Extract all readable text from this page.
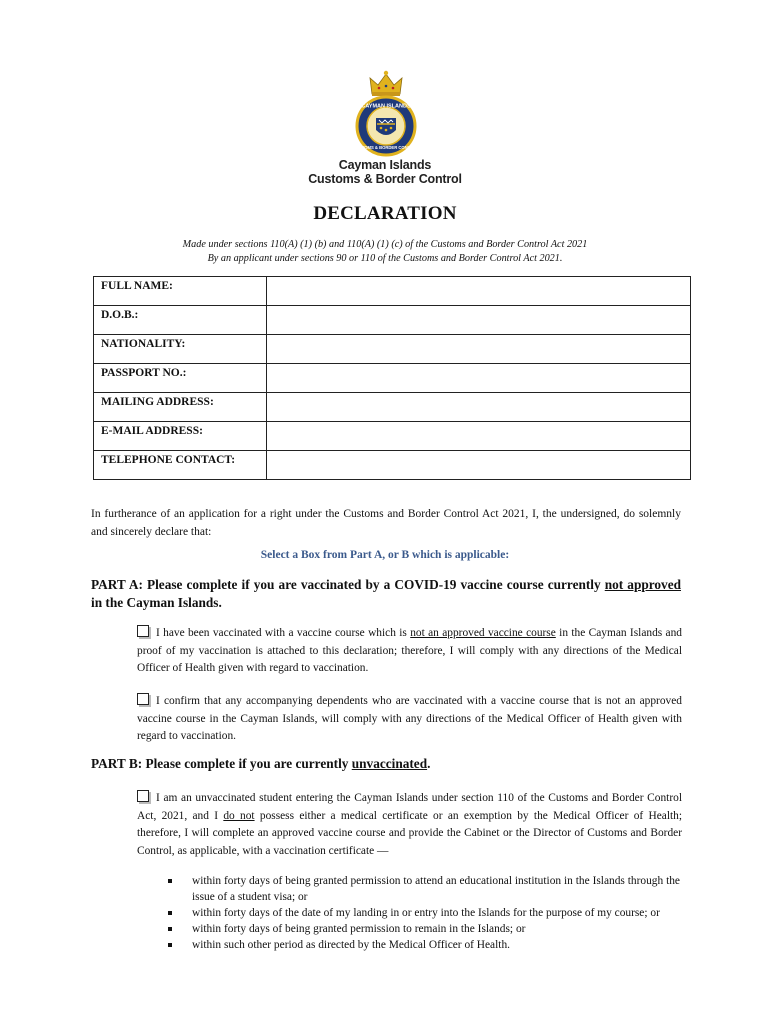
CAYMAN ISLANDS
CUSTOMS & BORDER CONTROL
Cayman Islands
Customs & Border Control
DECLARATION
Made under sections 110(A) (1) (b) and 110(A) (1) (c) of the Customs and Border Control Act 2021
By an applicant under sections 90 or 110 of the Customs and Border Control Act 2021.
FULL NAME:	
D.O.B.:	
NATIONALITY:	
PASSPORT NO.:	
MAILING ADDRESS:	
E-MAIL ADDRESS:	
TELEPHONE CONTACT:	
In furtherance of an application for a right under the Customs and Border Control Act 2021, I, the undersigned, do solemnly and sincerely declare that:
Select a Box from Part A, or B which is applicable:
PART A: Please complete if you are vaccinated by a COVID-19 vaccine course currently not approved in the Cayman Islands.
I have been vaccinated with a vaccine course which is not an approved vaccine course in the Cayman Islands and proof of my vaccination is attached to this declaration; therefore, I will comply with any directions of the Medical Officer of Health given with regard to vaccination.
I confirm that any accompanying dependents who are vaccinated with a vaccine course that is not an approved vaccine course in the Cayman Islands, will comply with any directions of the Medical Officer of Health given with regard to vaccination.
PART B: Please complete if you are currently unvaccinated.
I am an unvaccinated student entering the Cayman Islands under section 110 of the Customs and Border Control Act, 2021, and I do not possess either a medical certificate or an exemption by the Medical Officer of Health; therefore, I will complete an approved vaccine course and provide the Cabinet or the Director of Customs and Border Control, as applicable, with a vaccination certificate —
within forty days of being granted permission to attend an educational institution in the Islands through the issue of a student visa; or
within forty days of the date of my landing in or entry into the Islands for the purpose of my course; or
within forty days of being granted permission to remain in the Islands; or
within such other period as directed by the Medical Officer of Health.
